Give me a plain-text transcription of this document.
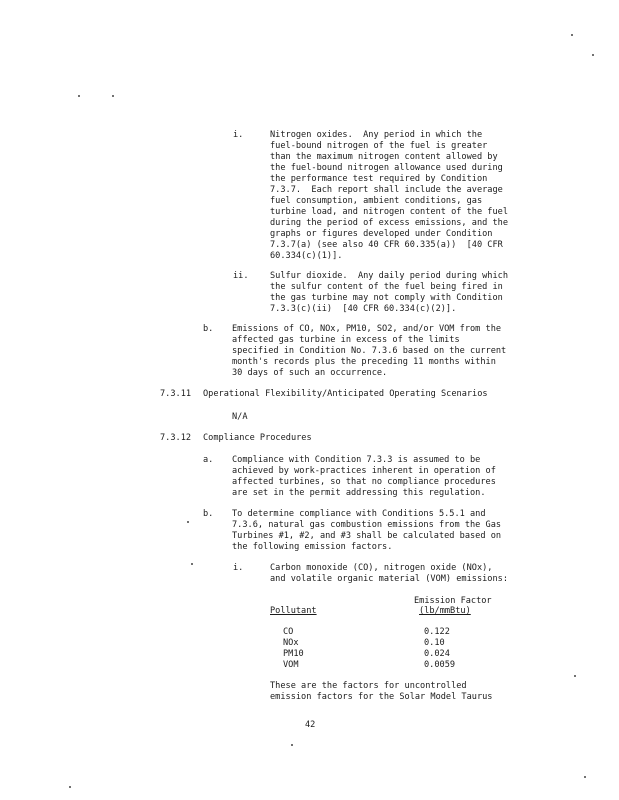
i.	Nitrogen oxides.  Any period in which the
fuel-bound nitrogen of the fuel is greater
than the maximum nitrogen content allowed by
the fuel-bound nitrogen allowance used during
the performance test required by Condition
7.3.7.  Each report shall include the average
fuel consumption, ambient conditions, gas
turbine load, and nitrogen content of the fuel
during the period of excess emissions, and the
graphs or figures developed under Condition
7.3.7(a) (see also 40 CFR 60.335(a))  [40 CFR
60.334(c)(1)].
ii. Sulfur dioxide.  Any daily period during which
the sulfur content of the fuel being fired in
the gas turbine may not comply with Condition
7.3.3(c)(ii)  [40 CFR 60.334(c)(2)].
b. Emissions of CO, NOx, PM10, SO2, and/or VOM from the
affected gas turbine in excess of the limits
specified in Condition No. 7.3.6 based on the current
month's records plus the preceding 11 months within
30 days of such an occurrence.
7.3.11 Operational Flexibility/Anticipated Operating Scenarios
N/A
7.3.12 Compliance Procedures
a. Compliance with Condition 7.3.3 is assumed to be
achieved by work-practices inherent in operation of
affected turbines, so that no compliance procedures
are set in the permit addressing this regulation.
b. To determine compliance with Conditions 5.5.1 and
7.3.6, natural gas combustion emissions from the Gas
Turbines #1, #2, and #3 shall be calculated based on
the following emission factors.
i.	Carbon monoxide (CO), nitrogen oxide (NOx),
and volatile organic material (VOM) emissions:
Emission Factor
Pollutant	(lb/mmBtu)
CO	0.122
NOx	0.10
PM10	0.024
VOM	0.0059
These are the factors for uncontrolled
emission factors for the Solar Model Taurus
42
